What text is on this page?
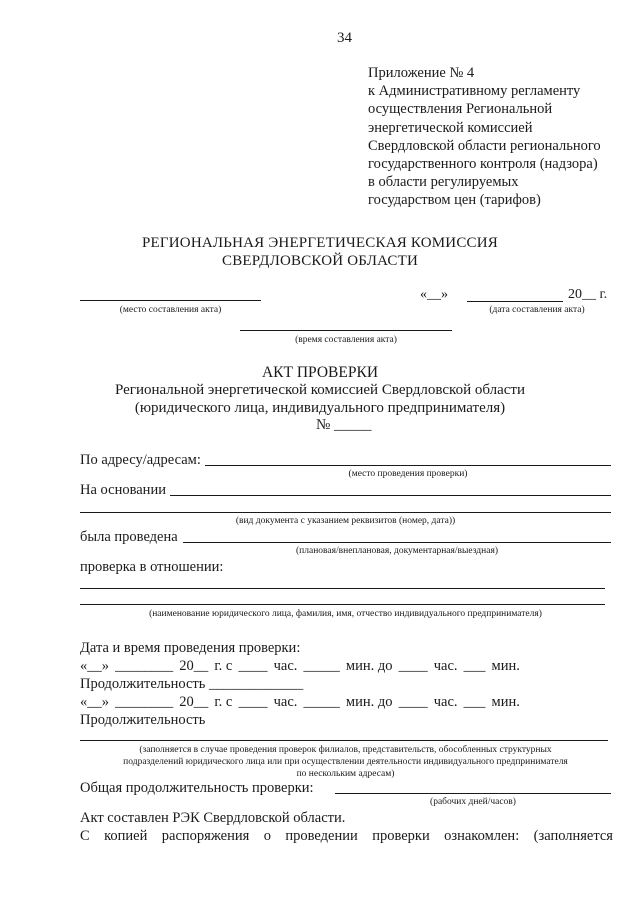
34
Приложение № 4
к Административному регламенту
осуществления Региональной
энергетической комиссией
Свердловской области регионального
государственного контроля (надзора)
в области регулируемых
государством цен (тарифов)
РЕГИОНАЛЬНАЯ ЭНЕРГЕТИЧЕСКАЯ КОМИССИЯ
СВЕРДЛОВСКОЙ ОБЛАСТИ
(место составления акта)
«__»	20__ г.
(дата составления акта)
(время составления акта)
АКТ ПРОВЕРКИ
Региональной энергетической комиссией Свердловской области
(юридического лица, индивидуального предпринимателя)
№ _____
По адресу/адресам:
(место проведения проверки)
На основании
(вид документа с указанием реквизитов (номер, дата))
была проведена
(плановая/внеплановая, документарная/выездная)
проверка в отношении:
(наименование юридического лица, фамилия, имя, отчество индивидуального предпринимателя)
Дата и время проведения проверки:
«__» ________ 20__ г. с ____ час. _____ мин. до ____ час. ___ мин.
Продолжительность _____________
«__» ________ 20__ г. с ____ час. _____ мин. до ____ час. ___ мин.
Продолжительность
(заполняется в случае проведения проверок филиалов, представительств, обособленных структурных
подразделений юридического лица или при осуществлении деятельности индивидуального предпринимателя
по нескольким адресам)
Общая продолжительность проверки:
(рабочих дней/часов)
Акт составлен РЭК Свердловской области.
С копией распоряжения о проведении проверки ознакомлен: (заполняется
